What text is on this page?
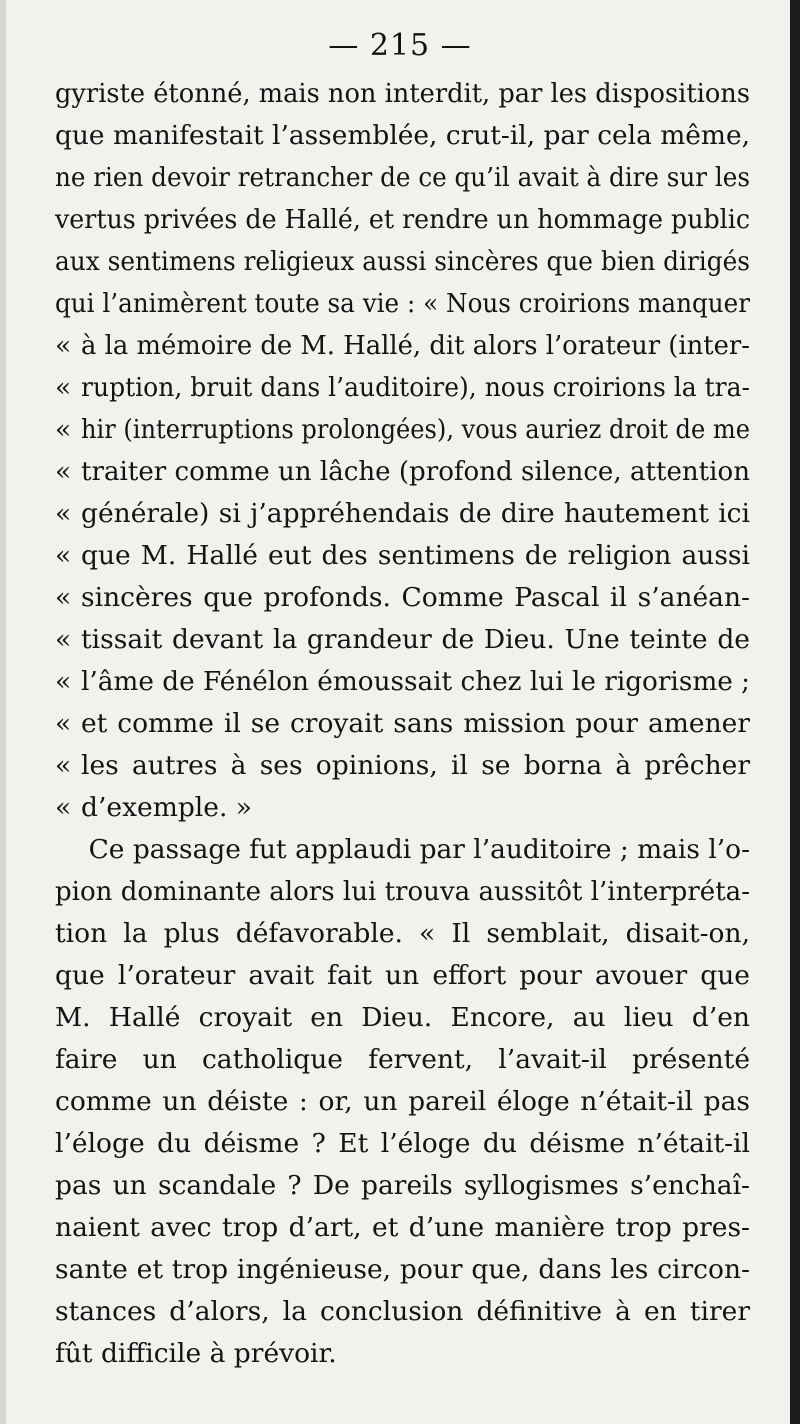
— 215 —
gyriste étonné, mais non interdit, par les dispositions
que manifestait l’assemblée, crut-il, par cela même,
ne rien devoir retrancher de ce qu’il avait à dire sur les
vertus privées de Hallé, et rendre un hommage public
aux sentimens religieux aussi sincères que bien dirigés
qui l’animèrent toute sa vie : « Nous croirions manquer
« à la mémoire de M. Hallé, dit alors l’orateur (inter-
« ruption, bruit dans l’auditoire), nous croirions la tra-
« hir (interruptions prolongées), vous auriez droit de me
« traiter comme un lâche (profond silence, attention
« générale) si j’appréhendais de dire hautement ici
« que M. Hallé eut des sentimens de religion aussi
« sincères que profonds. Comme Pascal il s’anéan-
« tissait devant la grandeur de Dieu. Une teinte de
« l’âme de Fénélon émoussait chez lui le rigorisme ;
« et comme il se croyait sans mission pour amener
« les autres à ses opinions, il se borna à prêcher
« d’exemple. »
Ce passage fut applaudi par l’auditoire ; mais l’o-
pion dominante alors lui trouva aussitôt l’interpréta-
tion la plus défavorable. « Il semblait, disait-on,
que l’orateur avait fait un effort pour avouer que
M. Hallé croyait en Dieu. Encore, au lieu d’en
faire un catholique fervent, l’avait-il présenté
comme un déiste : or, un pareil éloge n’était-il pas
l’éloge du déisme ? Et l’éloge du déisme n’était-il
pas un scandale ? De pareils syllogismes s’enchaî-
naient avec trop d’art, et d’une manière trop pres-
sante et trop ingénieuse, pour que, dans les circon-
stances d’alors, la conclusion définitive à en tirer
fût difficile à prévoir.
